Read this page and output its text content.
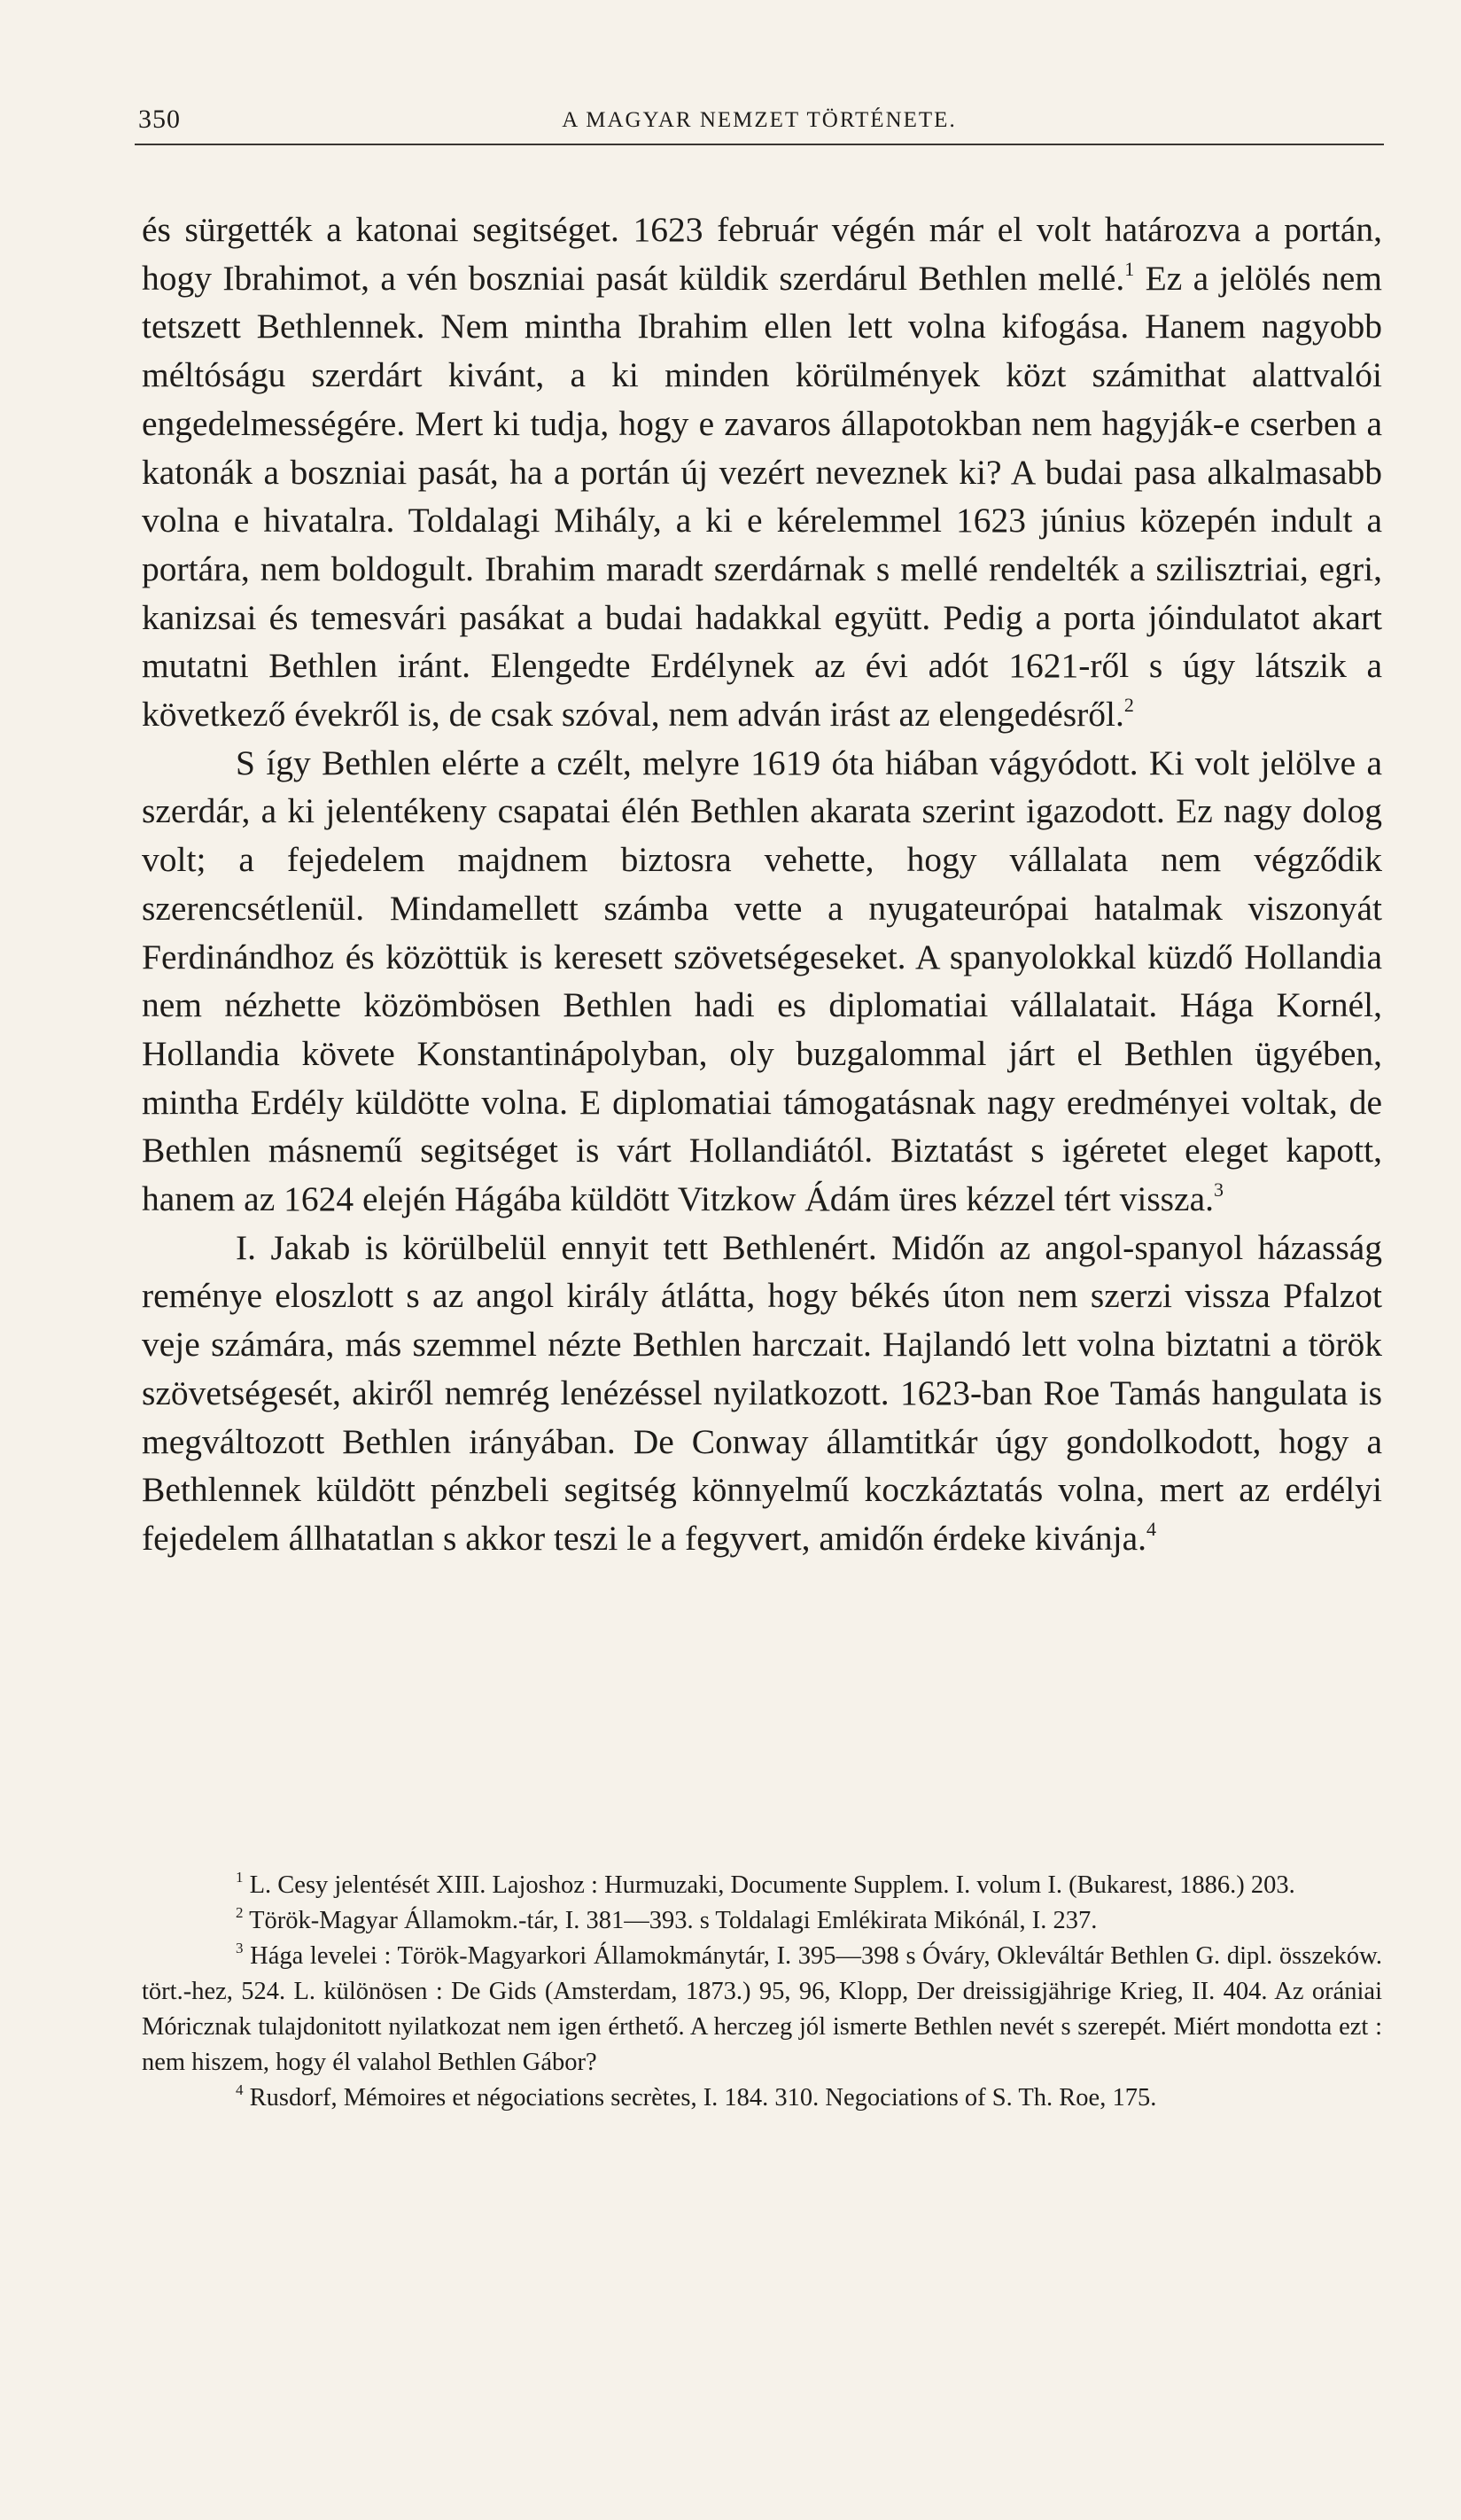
350	A MAGYAR NEMZET TÖRTÉNETE.

és sürgették a katonai segitséget. 1623 február végén már el volt határozva a portán, hogy Ibrahimot, a vén boszniai pasát küldik szerdárul Bethlen mellé.$^1$ Ez a jelölés nem tetszett Bethlennek. Nem mintha Ibrahim ellen lett volna kifogása. Hanem nagyobb méltóságu szerdárt kivánt, a ki minden körülmények közt számithat alattvalói engedelmességére. Mert ki tudja, hogy e zavaros állapotokban nem hagyják-e cserben a katonák a boszniai pasát, ha a portán új vezért neveznek ki? A budai pasa alkalmasabb volna e hivatalra. Toldalagi Mihály, a ki e kérelemmel 1623 június közepén indult a portára, nem boldogult. Ibrahim maradt szerdárnak s mellé rendelték a szilisztriai, egri, kanizsai és temesvári pasákat a budai hadakkal együtt. Pedig a porta jóindulatot akart mutatni Bethlen iránt. Elengedte Erdélynek az évi adót 1621-ről s úgy látszik a következő évekről is, de csak szóval, nem adván irást az elengedésről.$^2$

S így Bethlen elérte a czélt, melyre 1619 óta hiában vágyódott. Ki volt jelölve a szerdár, a ki jelentékeny csapatai élén Bethlen akarata szerint igazodott. Ez nagy dolog volt; a fejedelem majdnem biztosra vehette, hogy vállalata nem végződik szerencsétlenül. Mindamellett számba vette a nyugateurópai hatalmak viszonyát Ferdinándhoz és közöttük is keresett szövetségeseket. A spanyolokkal küzdő Hollandia nem nézhette közömbösen Bethlen hadi es diplomatiai vállalatait. Hága Kornél, Hollandia követe Konstantinápolyban, oly buzgalommal járt el Bethlen ügyében, mintha Erdély küldötte volna. E diplomatiai támogatásnak nagy eredményei voltak, de Bethlen másnemű segitséget is várt Hollandiától. Biztatást s igéretet eleget kapott, hanem az 1624 elején Hágába küldött Vitzkow Ádám üres kézzel tért vissza.$^3$

I. Jakab is körülbelül ennyit tett Bethlenért. Midőn az angol-spanyol házasság reménye eloszlott s az angol király átlátta, hogy békés úton nem szerzi vissza Pfalzot veje számára, más szemmel nézte Bethlen harczait. Hajlandó lett volna biztatni a török szövetségesét, akiről nemrég lenézéssel nyilatkozott. 1623-ban Roe Tamás hangulata is megváltozott Bethlen irányában. De Conway államtitkár úgy gondolkodott, hogy a Bethlennek küldött pénzbeli segitség könnyelmű koczkáztatás volna, mert az erdélyi fejedelem állhatatlan s akkor teszi le a fegyvert, amidőn érdeke kivánja.$^4$

$^1$ L. Cesy jelentését XIII. Lajoshoz : Hurmuzaki, Documente Supplem. I. volum I. (Bukarest, 1886.) 203.

$^2$ Török-Magyar Államokm.-tár, I. 381—393. s Toldalagi Emlékirata Mikónál, I. 237.

$^3$ Hága levelei : Török-Magyarkori Államokmánytár, I. 395—398 s Óváry, Okleváltár Bethlen G. dipl. összeków. tört.-hez, 524. L. különösen : De Gids (Amsterdam, 1873.) 95, 96, Klopp, Der dreissigjährige Krieg, II. 404. Az orániai Móricznak tulajdonitott nyilatkozat nem igen érthető. A herczeg jól ismerte Bethlen nevét s szerepét. Miért mondotta ezt : nem hiszem, hogy él valahol Bethlen Gábor?

$^4$ Rusdorf, Mémoires et négociations secrètes, I. 184. 310. Negociations of S. Th. Roe, 175.
